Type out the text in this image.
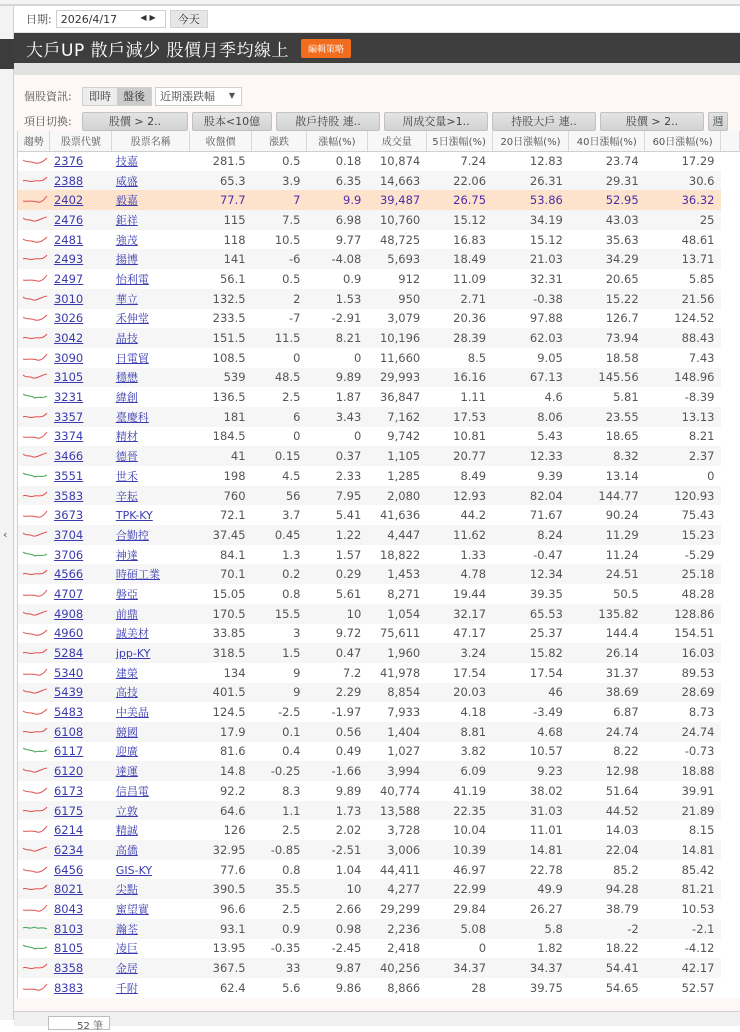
‹
日期: 2026/4/17	◀▶	今天
大戶UP 散戶減少 股價月季均線上	編輯策略
個股資訊:	即時	盤後	近期漲跌幅 ▼
項目切換:	股價 > 2..	股本<10億	散戶持股 連..	周成交量>1..	持股大戶 連..	股價 > 2..	週
趨勢	股票代號	股票名稱	收盤價	漲跌	漲幅(%)	成交量	5日漲幅(%)	20日漲幅(%)	40日漲幅(%)	60日漲幅(%)	
	2376	技嘉	281.5	0.5	0.18	10,874	7.24	12.83	23.74	17.29	
	2388	威盛	65.3	3.9	6.35	14,663	22.06	26.31	29.31	30.6	
	2402	毅嘉	77.7	7	9.9	39,487	26.75	53.86	52.95	36.32	
	2476	鉅祥	115	7.5	6.98	10,760	15.12	34.19	43.03	25	
	2481	強茂	118	10.5	9.77	48,725	16.83	15.12	35.63	48.61	
	2493	揚博	141	-6	-4.08	5,693	18.49	21.03	34.29	13.71	
	2497	怡利電	56.1	0.5	0.9	912	11.09	32.31	20.65	5.85	
	3010	華立	132.5	2	1.53	950	2.71	-0.38	15.22	21.56	
	3026	禾伸堂	233.5	-7	-2.91	3,079	20.36	97.88	126.7	124.52	
	3042	晶技	151.5	11.5	8.21	10,196	28.39	62.03	73.94	88.43	
	3090	日電貿	108.5	0	0	11,660	8.5	9.05	18.58	7.43	
	3105	穩懋	539	48.5	9.89	29,993	16.16	67.13	145.56	148.96	
	3231	緯創	136.5	2.5	1.87	36,847	1.11	4.6	5.81	-8.39	
	3357	臺慶科	181	6	3.43	7,162	17.53	8.06	23.55	13.13	
	3374	精材	184.5	0	0	9,742	10.81	5.43	18.65	8.21	
	3466	德晉	41	0.15	0.37	1,105	20.77	12.33	8.32	2.37	
	3551	世禾	198	4.5	2.33	1,285	8.49	9.39	13.14	0	
	3583	辛耘	760	56	7.95	2,080	12.93	82.04	144.77	120.93	
	3673	TPK-KY	72.1	3.7	5.41	41,636	44.2	71.67	90.24	75.43	
	3704	合勤控	37.45	0.45	1.22	4,447	11.62	8.24	11.29	15.23	
	3706	神達	84.1	1.3	1.57	18,822	1.33	-0.47	11.24	-5.29	
	4566	時碩工業	70.1	0.2	0.29	1,453	4.78	12.34	24.51	25.18	
	4707	磐亞	15.05	0.8	5.61	8,271	19.44	39.35	50.5	48.28	
	4908	前鼎	170.5	15.5	10	1,054	32.17	65.53	135.82	128.86	
	4960	誠美材	33.85	3	9.72	75,611	47.17	25.37	144.4	154.51	
	5284	jpp-KY	318.5	1.5	0.47	1,960	3.24	15.82	26.14	16.03	
	5340	建榮	134	9	7.2	41,978	17.54	17.54	31.37	89.53	
	5439	高技	401.5	9	2.29	8,854	20.03	46	38.69	28.69	
	5483	中美晶	124.5	-2.5	-1.97	7,933	4.18	-3.49	6.87	8.73	
	6108	競國	17.9	0.1	0.56	1,404	8.81	4.68	24.74	24.74	
	6117	迎廣	81.6	0.4	0.49	1,027	3.82	10.57	8.22	-0.73	
	6120	達運	14.8	-0.25	-1.66	3,994	6.09	9.23	12.98	18.88	
	6173	信昌電	92.2	8.3	9.89	40,774	41.19	38.02	51.64	39.91	
	6175	立敦	64.6	1.1	1.73	13,588	22.35	31.03	44.52	21.89	
	6214	精誠	126	2.5	2.02	3,728	10.04	11.01	14.03	8.15	
	6234	高僑	32.95	-0.85	-2.51	3,006	10.39	14.81	22.04	14.81	
	6456	GIS-KY	77.6	0.8	1.04	44,411	46.97	22.78	85.2	85.42	
	8021	尖點	390.5	35.5	10	4,277	22.99	49.9	94.28	81.21	
	8043	蜜望實	96.6	2.5	2.66	29,299	29.84	26.27	38.79	10.53	
	8103	瀚荃	93.1	0.9	0.98	2,236	5.08	5.8	-2	-2.1	
	8105	凌巨	13.95	-0.35	-2.45	2,418	0	1.82	18.22	-4.12	
	8358	金居	367.5	33	9.87	40,256	34.37	34.37	54.41	42.17	
	8383	千附	62.4	5.6	9.86	8,866	28	39.75	54.65	52.57	
52 筆
